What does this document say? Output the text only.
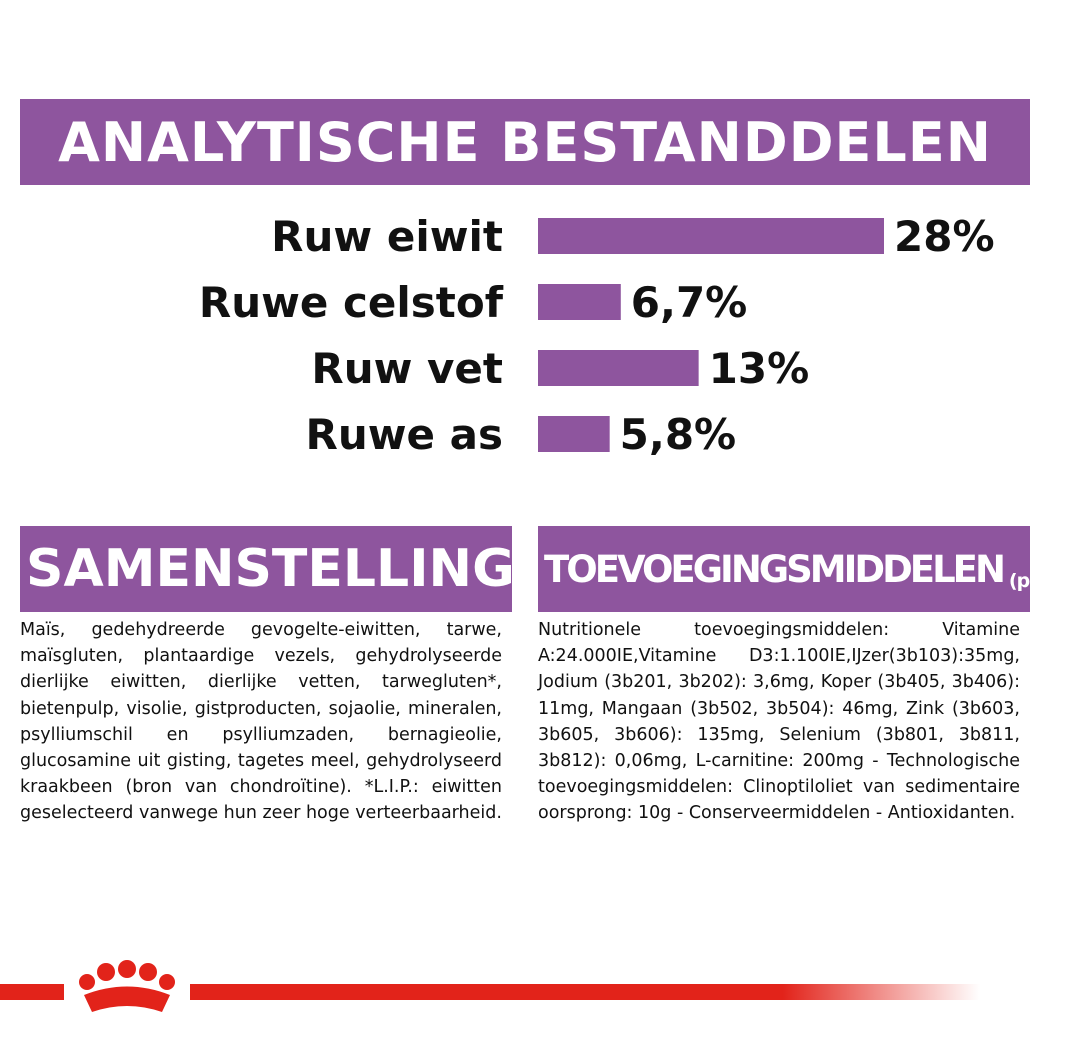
ANALYTISCHE BESTANDDELEN
Ruw eiwit	28%
Ruwe celstof	6,7%
Ruw vet	13%
Ruwe as	5,8%
SAMENSTELLING TOEVOEGINGSMIDDELEN (per kg)

Maïs, gedehydreerde gevogelte-eiwitten, tarwe, maïsgluten, plantaardige vezels, gehydrolyseerde dierlijke eiwitten, dierlijke vetten, tarwegluten*, bietenpulp, visolie, gistproducten, sojaolie, mineralen, psylliumschil en psylliumzaden, bernagieolie, glucosamine uit gisting, tagetes meel, gehydrolyseerd kraakbeen (bron van chondroïtine). *L.I.P.: eiwitten geselecteerd vanwege hun zeer hoge verteerbaarheid.

Nutritionele toevoegingsmiddelen: Vitamine A:24.000IE,Vitamine D3:1.100IE,IJzer(3b103):35mg, Jodium (3b201, 3b202): 3,6mg, Koper (3b405, 3b406): 11mg, Mangaan (3b502, 3b504): 46mg, Zink (3b603, 3b605, 3b606): 135mg, Selenium (3b801, 3b811, 3b812): 0,06mg, L-carnitine: 200mg - Technologische toevoegingsmiddelen: Clinoptiloliet van sedimentaire oorsprong: 10g - Conserveermiddelen - Antioxidanten.
